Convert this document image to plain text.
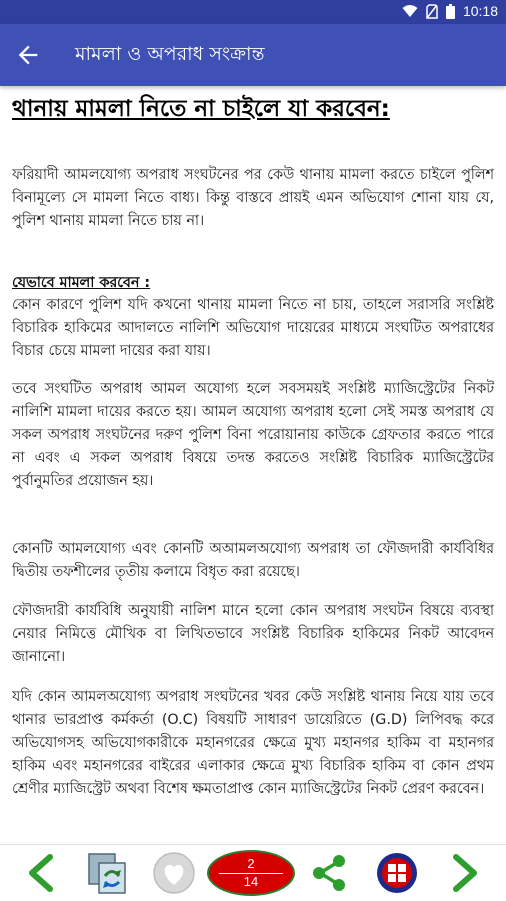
10:18
মামলা ও অপরাধ সংক্রান্ত
থানায় মামলা নিতে না চাইলে যা করবেন:
ফরিয়াদী আমলযোগ্য অপরাধ সংঘটনের পর কেউ থানায় মামলা করতে চাইলে পুলিশ বিনামূল্যে সে মামলা নিতে বাধ্য। কিন্তু বাস্তবে প্রায়ই এমন অভিযোগ শোনা যায় যে, পুলিশ থানায় মামলা নিতে চায় না।
যেভাবে মামলা করবেন :
কোন কারণে পুলিশ যদি কখনো থানায় মামলা নিতে না চায়, তাহলে সরাসরি সংশ্লিষ্ট বিচারিক হাকিমের আদালতে নালিশি অভিযোগ দায়েরের মাধ্যমে সংঘটিত অপরাধের বিচার চেয়ে মামলা দায়ের করা যায়।
তবে সংঘটিত অপরাধ আমল অযোগ্য হলে সবসময়ই সংশ্লিষ্ট ম্যাজিস্ট্রেটের নিকট নালিশি মামলা দায়ের করতে হয়। আমল অযোগ্য অপরাধ হলো সেই সমস্ত অপরাধ যে সকল অপরাধ সংঘটনের দরুণ পুলিশ বিনা পরোয়ানায় কাউকে গ্রেফতার করতে পারে না এবং এ সকল অপরাধ বিষয়ে তদন্ত করতেও সংশ্লিষ্ট বিচারিক ম্যাজিস্ট্রেটের পুর্বানুমতির প্রয়োজন হয়।
কোনটি আমলযোগ্য এবং কোনটি অআমলঅযোগ্য অপরাধ তা ফৌজদারী কার্যবিধির দ্বিতীয় তফশীলের তৃতীয় কলামে বিধৃত করা রয়েছে।
ফৌজদারী কার্যবিধি অনুযায়ী নালিশ মানে হলো কোন অপরাধ সংঘটন বিষয়ে ব্যবস্থা নেয়ার নিমিত্তে মৌখিক বা লিখিতভাবে সংশ্লিষ্ট বিচারিক হাকিমের নিকট আবেদন জানানো।
যদি কোন আমলঅযোগ্য অপরাধ সংঘটনের খবর কেউ সংশ্লিষ্ট থানায় নিয়ে যায় তবে থানার ভারপ্রাপ্ত কর্মকর্তা (O.C) বিষয়টি সাধারণ ডায়েরিতে (G.D) লিপিবদ্ধ করে অভিযোগসহ অভিযোগকারীকে মহানগরের ক্ষেত্রে মুখ্য মহানগর হাকিম বা মহানগর হাকিম এবং মহানগরের বাইরের এলাকার ক্ষেত্রে মুখ্য বিচারিক হাকিম বা কোন প্রথম শ্রেণীর ম্যাজিস্ট্রেট অথবা বিশেষ ক্ষমতাপ্রাপ্ত কোন ম্যাজিস্ট্রেটের নিকট প্রেরণ করবেন।
2
14
